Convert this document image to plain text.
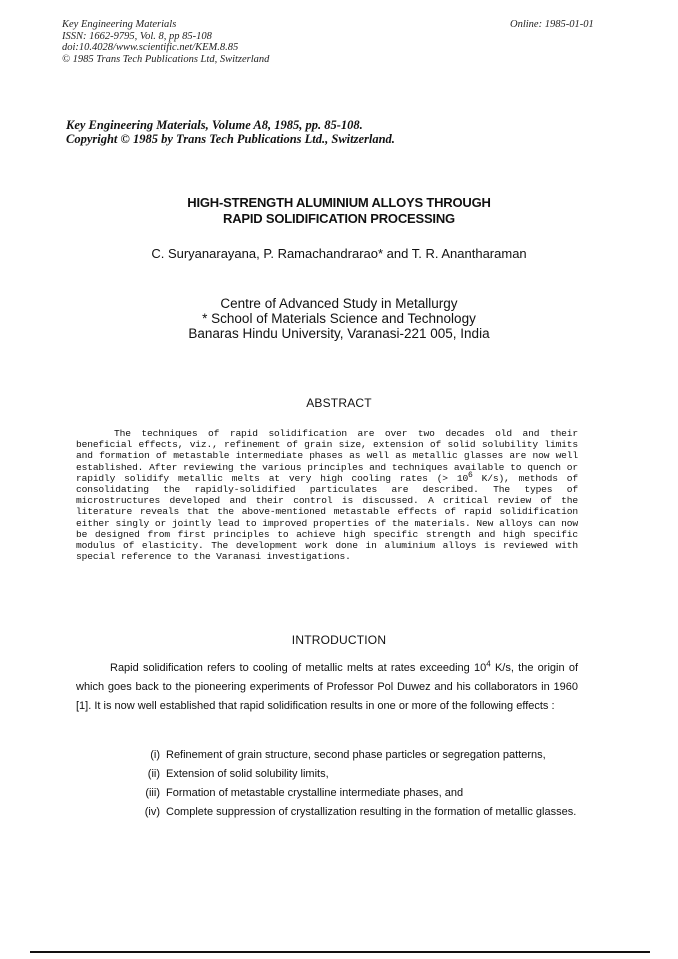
Key Engineering Materials
ISSN: 1662-9795, Vol. 8, pp 85-108
doi:10.4028/www.scientific.net/KEM.8.85
© 1985 Trans Tech Publications Ltd, Switzerland
Online: 1985-01-01
Key Engineering Materials, Volume A8, 1985, pp. 85-108.
Copyright © 1985 by Trans Tech Publications Ltd., Switzerland.
HIGH-STRENGTH ALUMINIUM ALLOYS THROUGH
RAPID SOLIDIFICATION PROCESSING
C. Suryanarayana, P. Ramachandrarao* and T. R. Anantharaman
Centre of Advanced Study in Metallurgy
* School of Materials Science and Technology
Banaras Hindu University, Varanasi-221 005, India
ABSTRACT

The techniques of rapid solidification are over two decades old and their beneficial effects, viz., refinement of grain size, extension of solid solubility limits and formation of metastable intermediate phases as well as metallic glasses are now well established. After reviewing the various principles and techniques available to quench or rapidly solidify metallic melts at very high cooling rates (> $10^6$ K/s), methods of consolidating the rapidly-solidified particulates are described. The types of microstructures developed and their control is discussed. A critical review of the literature reveals that the above-mentioned metastable effects of rapid solidification either singly or jointly lead to improved properties of the materials. New alloys can now be designed from first principles to achieve high specific strength and high specific modulus of elasticity. The development work done in aluminium alloys is reviewed with special reference to the Varanasi investigations.

INTRODUCTION

Rapid solidification refers to cooling of metallic melts at rates exceeding $10^4$ K/s, the origin of which goes back to the pioneering experiments of Professor Pol Duwez and his collaborators in 1960 [1]. It is now well established that rapid solidification results in one or more of the following effects :

(i) Refinement of grain structure, second phase particles or segregation patterns,
(ii) Extension of solid solubility limits,
(iii) Formation of metastable crystalline intermediate phases, and
(iv) Complete suppression of crystallization resulting in the formation of metallic glasses.
